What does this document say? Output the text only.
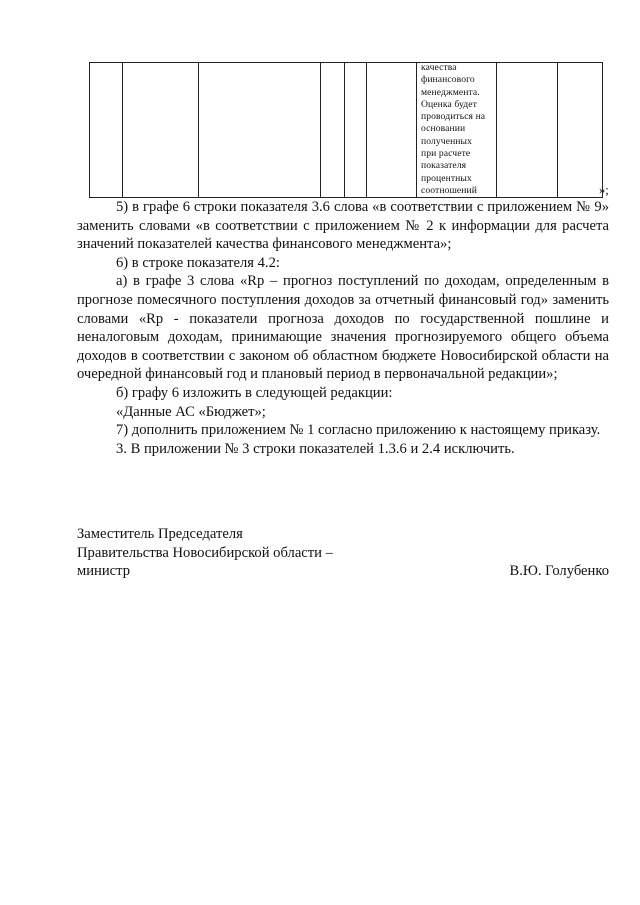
качества
финансового
менеджмента.
Оценка будет
проводиться на
основании
полученных
при расчете
показателя
процентных
соотношений
			»;

5) в графе 6 строки показателя 3.6 слова «в соответствии с приложением № 9» заменить словами «в соответствии с приложением № 2 к информации для расчета значений показателей качества финансового менеджмента»;

6) в строке показателя 4.2:

а) в графе 3 слова «Rp – прогноз поступлений по доходам, определенным в прогнозе помесячного поступления доходов за отчетный финансовый год» заменить словами «Rp - показатели прогноза доходов по государственной пошлине и неналоговым доходам, принимающие значения прогнозируемого общего объема доходов в соответствии с законом об областном бюджете Новосибирской области на очередной финансовый год и плановый период в первоначальной редакции»;

б) графу 6 изложить в следующей редакции:

«Данные АС «Бюджет»;

7) дополнить приложением № 1 согласно приложению к настоящему приказу.

3. В приложении № 3 строки показателей 1.3.6 и 2.4 исключить.

Заместитель Председателя

Правительства Новосибирской области –

министр	В.Ю. Голубенко
